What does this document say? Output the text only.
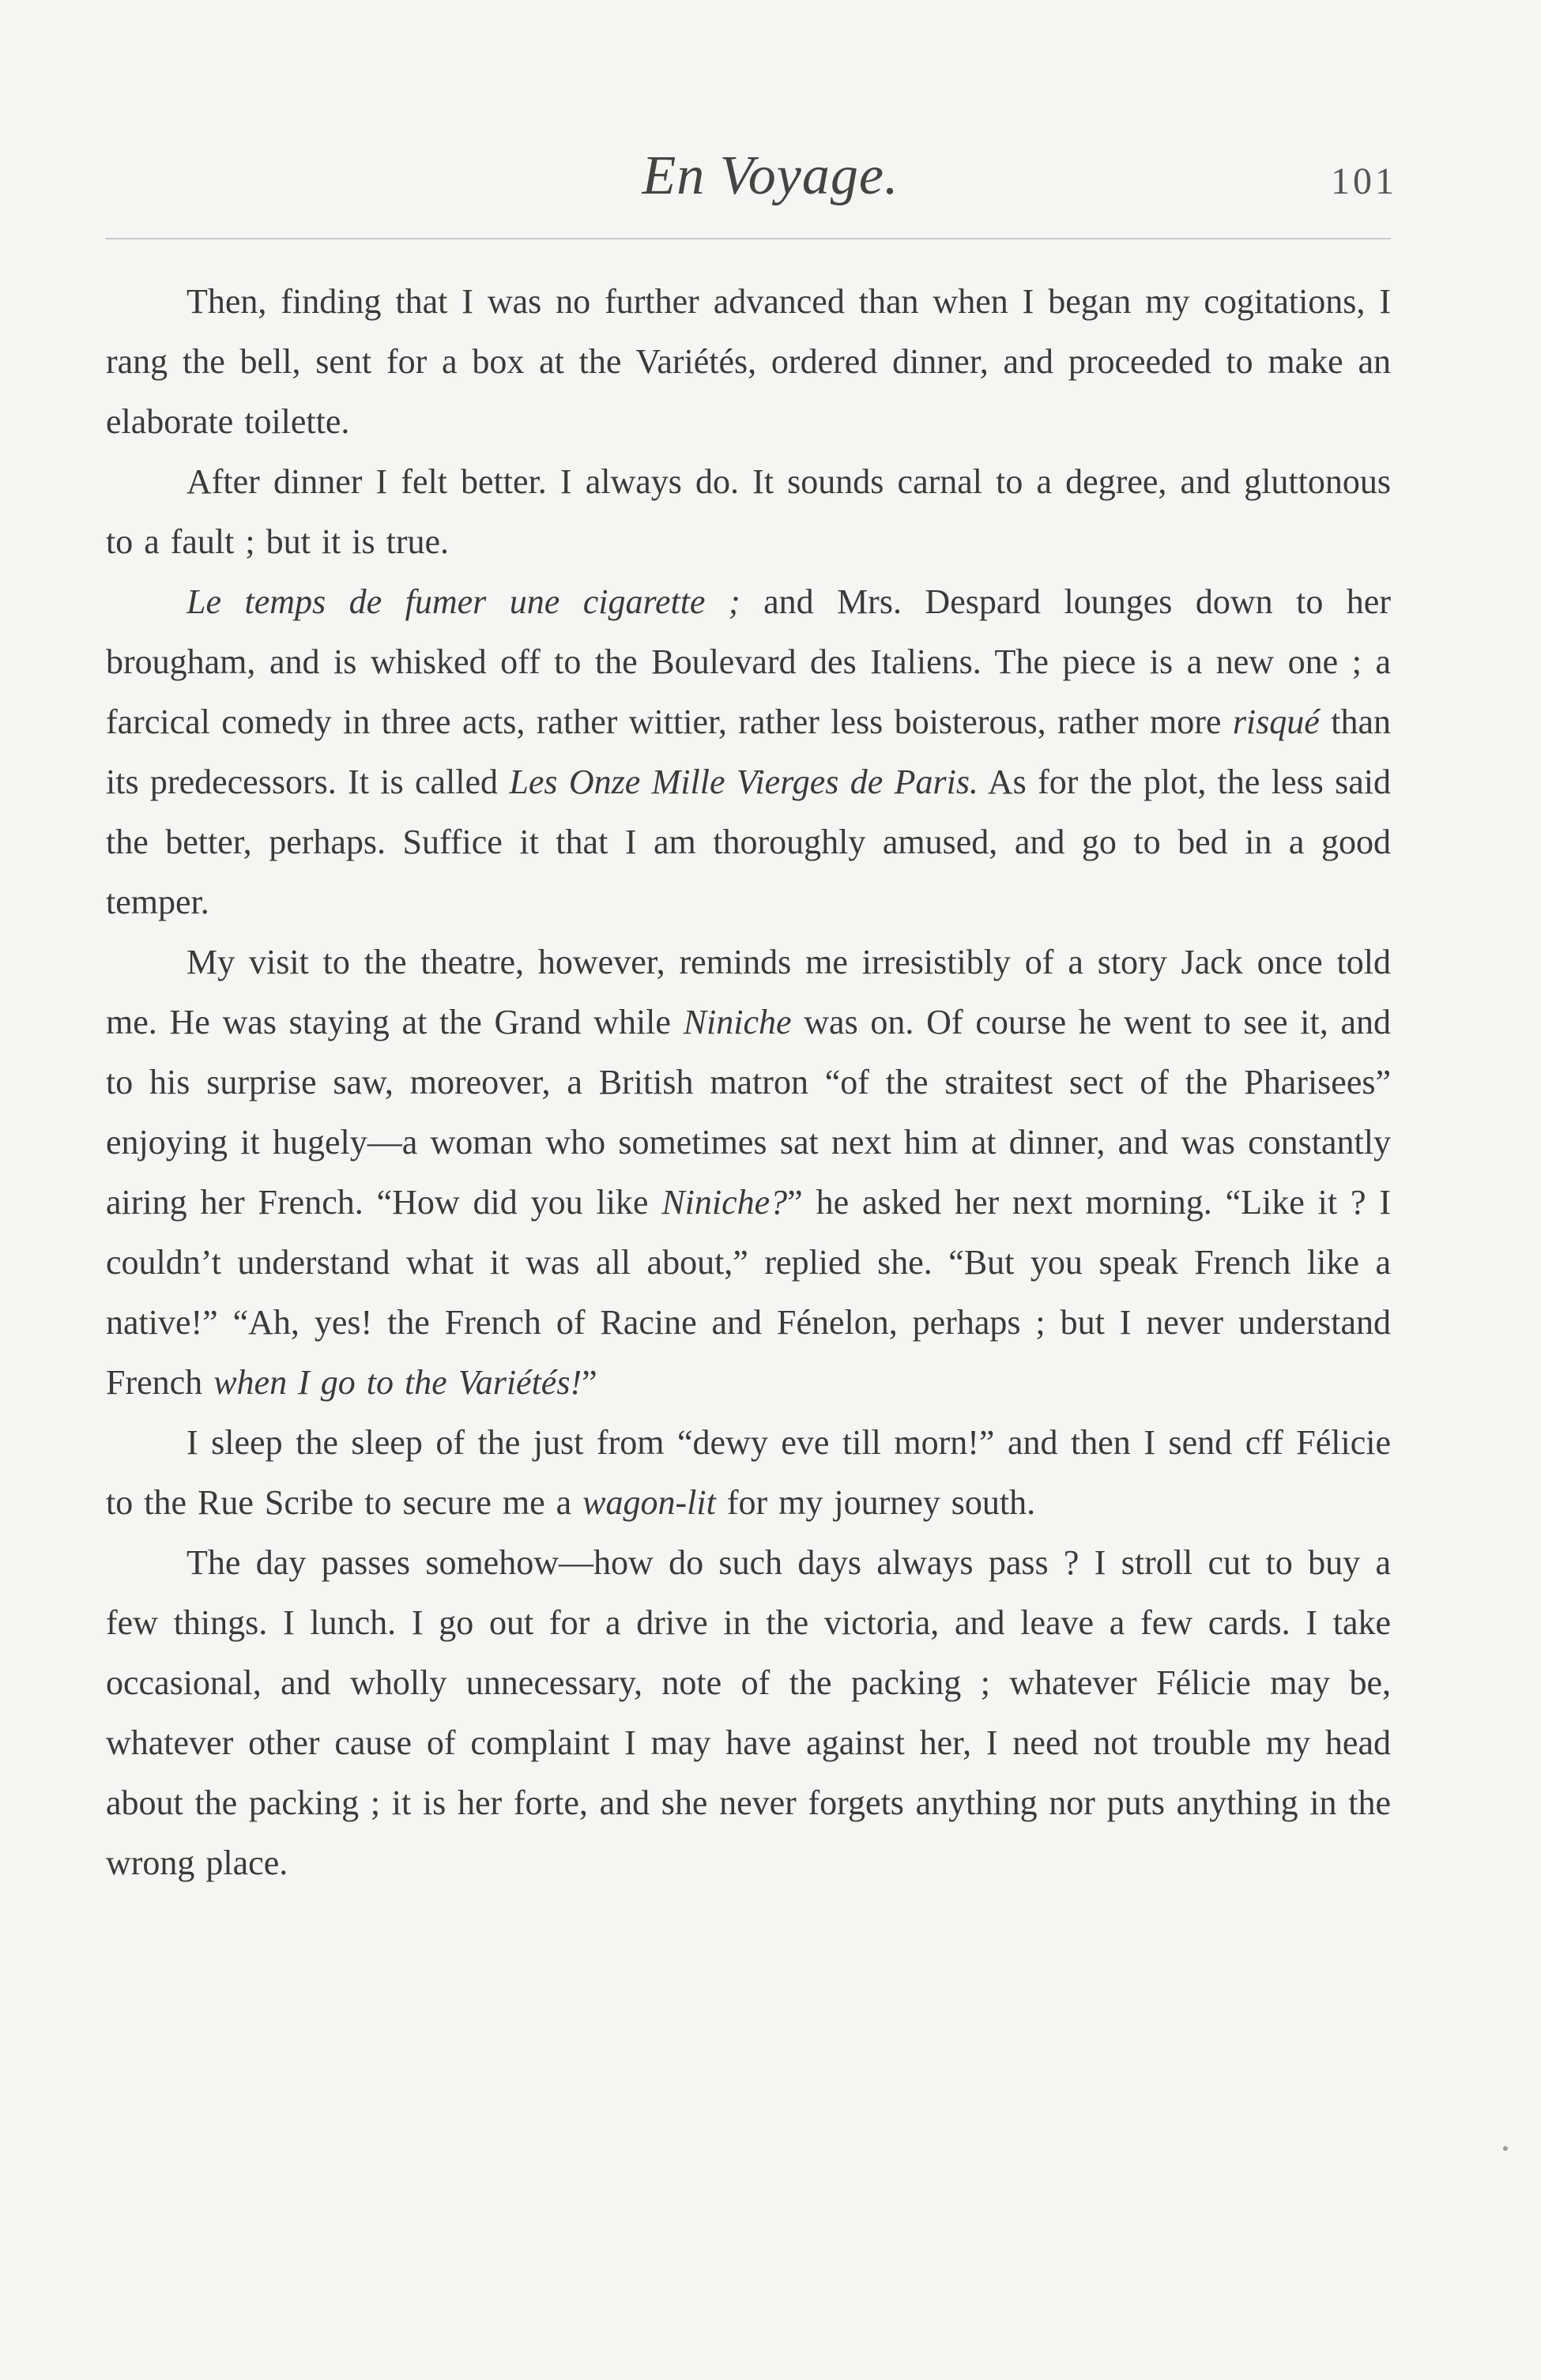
En Voyage.	101

Then, finding that I was no further advanced than when I began my cogitations, I rang the bell, sent for a box at the Variétés, ordered dinner, and proceeded to make an elaborate toilette.

After dinner I felt better. I always do. It sounds carnal to a degree, and gluttonous to a fault ; but it is true.

Le temps de fumer une cigarette ; and Mrs. Despard lounges down to her brougham, and is whisked off to the Boulevard des Italiens. The piece is a new one ; a farcical comedy in three acts, rather wittier, rather less boisterous, rather more risqué than its predecessors. It is called Les Onze Mille Vierges de Paris. As for the plot, the less said the better, perhaps. Suffice it that I am thoroughly amused, and go to bed in a good temper.

My visit to the theatre, however, reminds me irresistibly of a story Jack once told me. He was staying at the Grand while Niniche was on. Of course he went to see it, and to his surprise saw, moreover, a British matron “of the straitest sect of the Pharisees” enjoying it hugely—a woman who sometimes sat next him at dinner, and was constantly airing her French. “How did you like Niniche?” he asked her next morning. “Like it ? I couldn’t understand what it was all about,” replied she. “But you speak French like a native!” “Ah, yes! the French of Racine and Fénelon, perhaps ; but I never understand French when I go to the Variétés!”

I sleep the sleep of the just from “dewy eve till morn!” and then I send cff Félicie to the Rue Scribe to secure me a wagon-lit for my journey south.

The day passes somehow—how do such days always pass ? I stroll cut to buy a few things. I lunch. I go out for a drive in the victoria, and leave a few cards. I take occasional, and wholly unnecessary, note of the packing ; whatever Félicie may be, whatever other cause of complaint I may have against her, I need not trouble my head about the packing ; it is her forte, and she never forgets anything nor puts anything in the wrong place.
